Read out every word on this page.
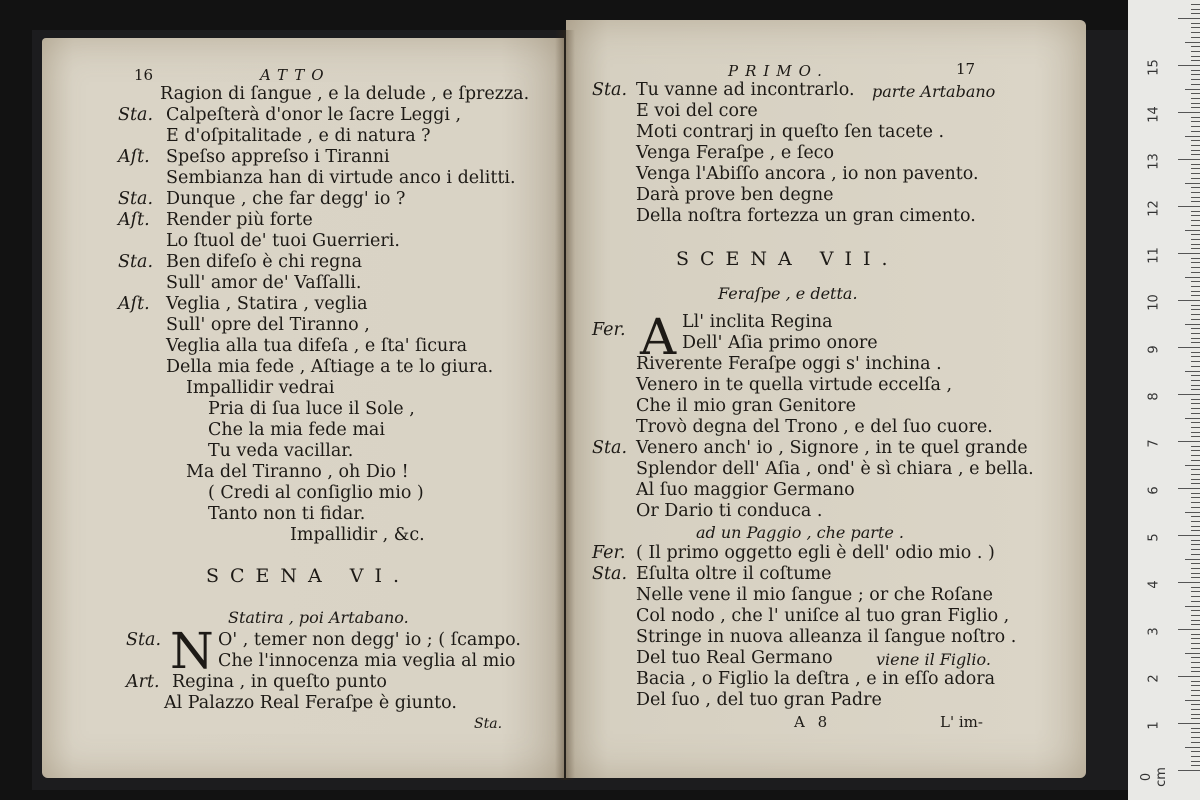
16	ATTO
Ragion di ſangue , e la delude , e ſprezza.
Sta. Calpeſterà d'onor le ſacre Leggi ,
E d'oſpitalitade , e di natura ?
Aſt. Speſso appreſso i Tiranni
Sembianza han di virtude anco i delitti.
Sta. Dunque , che far degg' io ?
Aſt. Render più forte
Lo ſtuol de' tuoi Guerrieri.
Sta. Ben difeſo è chi regna
Sull' amor de' Vaſſalli.
Aſt. Veglia , Statira , veglia
Sull' opre del Tiranno ,
Veglia alla tua difeſa , e ſta' ſicura
Della mia fede , Aſtiage a te lo giura.
Impallidir vedrai
Pria di ſua luce il Sole ,
Che la mia fede mai
Tu veda vacillar.
Ma del Tiranno , oh Dio !
( Credi al conſiglio mio )
Tanto non ti fidar.
Impallidir , &c.
SCENA VI.
Statira , poi Artabano.
Sta. N O' , temer non degg' io ; ( ſcampo.
Che l'innocenza mia veglia al mio
Art. Regina , in queſto punto
Al Palazzo Real Feraſpe è giunto.
Sta.
PRIMO.	17
Sta. Tu vanne ad incontrarlo. parte Artabano
E voi del core
Moti contrarj in queſto ſen tacete .
Venga Feraſpe , e ſeco
Venga l'Abiſſo ancora , io non pavento.
Darà prove ben degne
Della noſtra fortezza un gran cimento.
SCENA VII.
Feraſpe , e detta.
Fer. A Ll' inclita Regina
Dell' Aſia primo onore
Riverente Feraſpe oggi s' inchina .
Venero in te quella virtude eccelſa ,
Che il mio gran Genitore
Trovò degna del Trono , e del ſuo cuore.
Sta. Venero anch' io , Signore , in te quel grande
Splendor dell' Aſia , ond' è sì chiara , e bella.
Al ſuo maggior Germano
Or Dario ti conduca .
ad un Paggio , che parte .
Fer. ( Il primo oggetto egli è dell' odio mio . )
Sta. Eſulta oltre il coſtume
Nelle vene il mio ſangue ; or che Roſane
Col nodo , che l' uniſce al tuo gran Figlio ,
Stringe in nuova alleanza il ſangue noſtro .
Del tuo Real Germano	viene il Figlio.
Bacia , o Figlio la deſtra , e in eſſo adora
Del ſuo , del tuo gran Padre
A 8	L' im-
0 cm
1
2
3
4
5
6
7
8
9
10
11
12
13
14
15
